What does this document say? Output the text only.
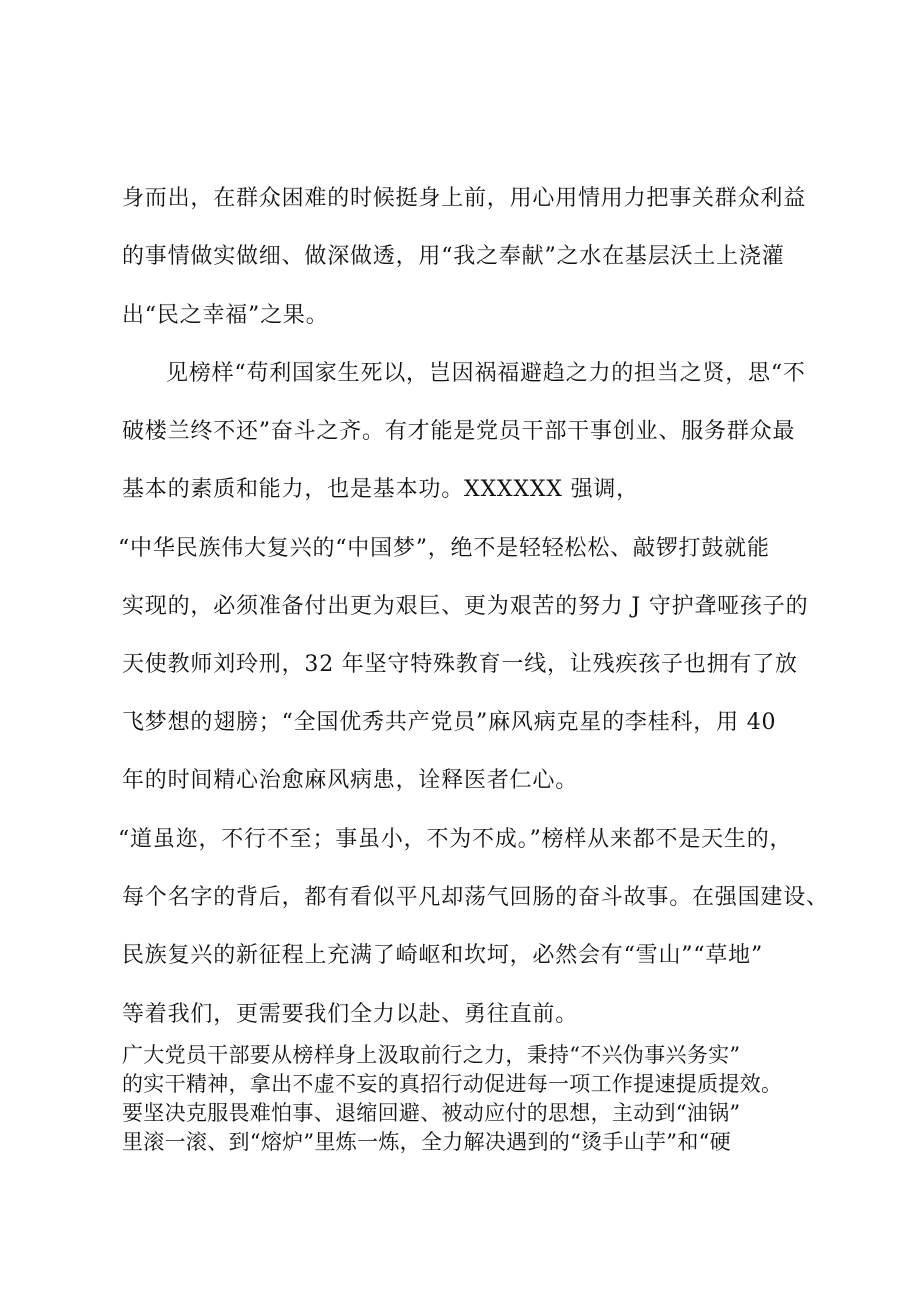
身而出，在群众困难的时候挺身上前，用心用情用力把事关群众利益
的事情做实做细、做深做透，用“我之奉献”之水在基层沃土上浇灌
出“民之幸福”之果。
见榜样“苟利国家生死以，岂因祸福避趋之力的担当之贤，思“不
破楼兰终不还”奋斗之齐。有才能是党员干部干事创业、服务群众最
基本的素质和能力，也是基本功。XXXXXX 强调，
“中华民族伟大复兴的“中国梦”，绝不是轻轻松松、敲锣打鼓就能
实现的，必须准备付出更为艰巨、更为艰苦的努力 J 守护聋哑孩子的
天使教师刘玲刑，32 年坚守特殊教育一线，让残疾孩子也拥有了放
飞梦想的翅膀；“全国优秀共产党员”麻风病克星的李桂科，用 40
年的时间精心治愈麻风病患，诠释医者仁心。
“道虽迩，不行不至；事虽小，不为不成。”榜样从来都不是天生的，
每个名字的背后，都有看似平凡却荡气回肠的奋斗故事。在强国建设、
民族复兴的新征程上充满了崎岖和坎坷，必然会有“雪山”“草地”
等着我们，更需要我们全力以赴、勇往直前。
广大党员干部要从榜样身上汲取前行之力，秉持“不兴伪事兴务实”
的实干精神，拿出不虚不妄的真招行动促进每一项工作提速提质提效。
要坚决克服畏难怕事、退缩回避、被动应付的思想，主动到“油锅”
里滚一滚、到“熔炉”里炼一炼，全力解决遇到的“烫手山芋”和“硬
